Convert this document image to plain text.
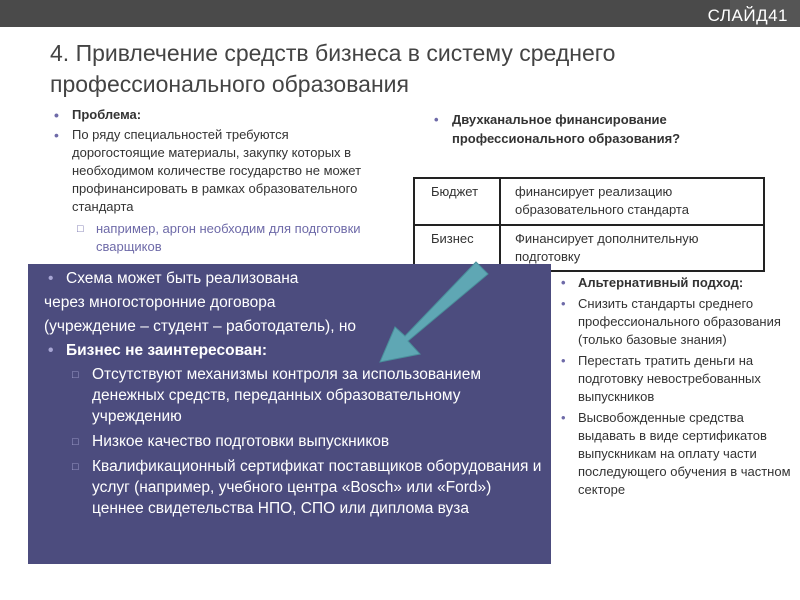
СЛАЙД41
4. Привлечение средств бизнеса в систему среднего профессионального образования
• Проблема:
• По ряду специальностей требуются дорогостоящие материалы, закупку которых в необходимом количестве государство не может профинансировать в рамках образовательного стандарта
□ например, аргон необходим для подготовки сварщиков
• Двухканальное финансирование профессионального образования?
Бюджет	финансирует реализацию образовательного стандарта
Бизнес	Финансирует дополнительную подготовку
• Схема может быть реализована
через многосторонние договора
(учреждение – студент – работодатель), но
• Бизнес не заинтересован:
□ Отсутствуют механизмы контроля за использованием денежных средств, переданных образовательному учреждению
□ Низкое качество подготовки выпускников
□ Квалификационный сертификат поставщиков оборудования и услуг (например, учебного центра «Bosch» или «Ford») ценнее свидетельства НПО, СПО или диплома вуза
• Альтернативный подход:
• Снизить стандарты среднего профессионального образования (только базовые знания)
• Перестать тратить деньги на подготовку невостребованных выпускников
• Высвобожденные средства выдавать в виде сертификатов выпускникам на оплату части последующего обучения в частном секторе
